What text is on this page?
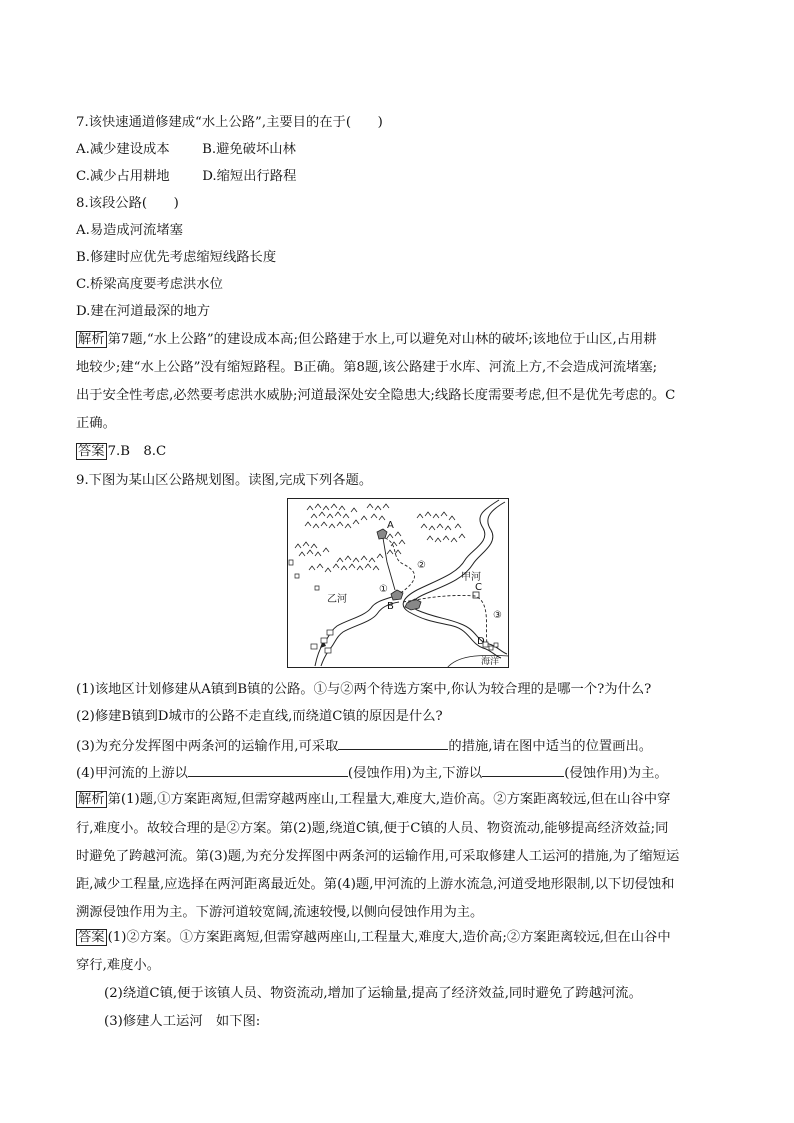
7.该快速通道修建成“水上公路”,主要目的在于(　　)
A.减少建设成本 B.避免破坏山林
C.减少占用耕地 D.缩短出行路程
8.该段公路(　　)
A.易造成河流堵塞
B.修建时应优先考虑缩短线路长度
C.桥梁高度要考虑洪水位
D.建在河道最深的地方
解析 第7题,“水上公路”的建设成本高;但公路建于水上,可以避免对山林的破坏;该地位于山区,占用耕
地较少;建“水上公路”没有缩短路程。B正确。第8题,该公路建于水库、河流上方,不会造成河流堵塞;
出于安全性考虑,必然要考虑洪水威胁;河道最深处安全隐患大;线路长度需要考虑,但不是优先考虑的。C
正确。
答案 7.B　8.C
9.下图为某山区公路规划图。读图,完成下列各题。
A
B
C
D
①
②
③
甲河
乙河
海洋
(1)该地区计划修建从A镇到B镇的公路。①与②两个待选方案中,你认为较合理的是哪一个?为什么?
(2)修建B镇到D城市的公路不走直线,而绕道C镇的原因是什么?
(3)为充分发挥图中两条河的运输作用,可采取	的措施,请在图中适当的位置画出。
(4)甲河流的上游以	(侵蚀作用)为主,下游以	(侵蚀作用)为主。
解析 第(1)题,①方案距离短,但需穿越两座山,工程量大,难度大,造价高。②方案距离较远,但在山谷中穿
行,难度小。故较合理的是②方案。第(2)题,绕道C镇,便于C镇的人员、物资流动,能够提高经济效益;同
时避免了跨越河流。第(3)题,为充分发挥图中两条河的运输作用,可采取修建人工运河的措施,为了缩短运
距,减少工程量,应选择在两河距离最近处。第(4)题,甲河流的上游水流急,河道受地形限制,以下切侵蚀和
溯源侵蚀作用为主。下游河道较宽阔,流速较慢,以侧向侵蚀作用为主。
答案 (1)②方案。①方案距离短,但需穿越两座山,工程量大,难度大,造价高;②方案距离较远,但在山谷中
穿行,难度小。
(2)绕道C镇,便于该镇人员、物资流动,增加了运输量,提高了经济效益,同时避免了跨越河流。
(3)修建人工运河　如下图:
